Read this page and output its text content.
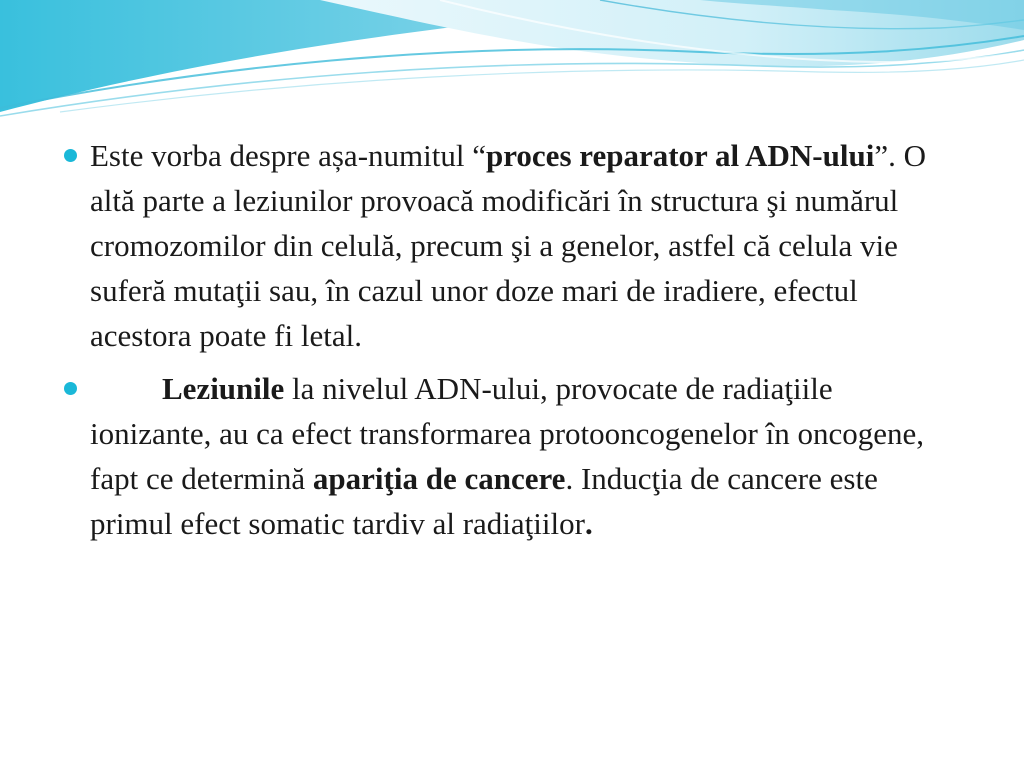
Este vorba despre așa-numitul “proces reparator al ADN-ului”. O altă parte a leziunilor provoacă modificări în structura şi numărul cromozomilor din celulă, precum şi a genelor, astfel că celula vie suferă mutaţii sau, în cazul unor doze mari de iradiere, efectul acestora poate fi letal.
Leziunile la nivelul ADN-ului, provocate de radiaţiile ionizante, au ca efect transformarea protooncogenelor în oncogene, fapt ce determină apariţia de cancere. Inducţia de cancere este primul efect somatic tardiv al radiaţiilor.
